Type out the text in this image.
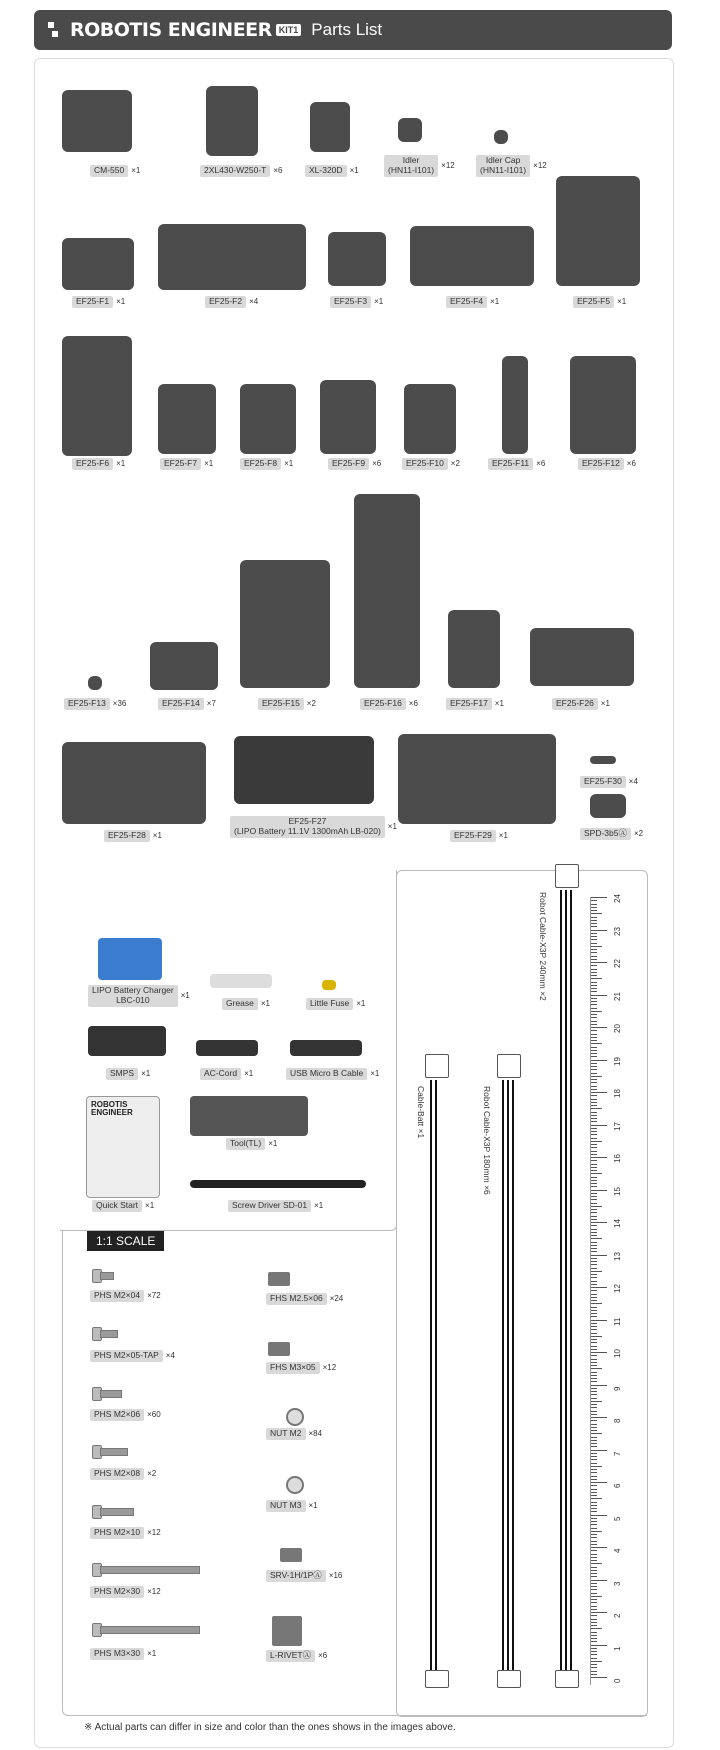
ROBOTIS ENGINEER KIT1 Parts List
1:1 SCALE
0
1
2
3
4
5
6
7
8
9
10
11
12
13
14
15
16
17
18
19
20
21
22
23
24
※ Actual parts can differ in size and color than the ones shows in the images above.
CM-550 ×1	2XL430-W250-T ×6	XL-320D ×1
Idler
(HN11-I101) ×12
Idler Cap
(HN11-I101) ×12
EF25-F1 ×1	EF25-F2 ×4	EF25-F3 ×1	EF25-F4 ×1	EF25-F5 ×1
EF25-F6 ×1	EF25-F7 ×1	EF25-F8 ×1	EF25-F9 ×6	EF25-F10 ×2	EF25-F11 ×6	EF25-F12 ×6
EF25-F13 ×36	EF25-F14 ×7	EF25-F15 ×2	EF25-F16 ×6	EF25-F17 ×1	EF25-F26 ×1
EF25-F28 ×1
EF25-F27
(LIPO Battery 11.1V 1300mAh LB-020) ×1
EF25-F29 ×1
EF25-F30 ×4
SPD-3b5Ⓐ ×2
LIPO Battery Charger
LBC-010	×1
Grease ×1	Little Fuse ×1
SMPS ×1	AC-Cord ×1	USB Micro B Cable ×1
ROBOTIS
ENGINEER
Quick Start ×1
Tool(TL) ×1
Screw Driver SD-01 ×1
PHS M2×04 ×72
PHS M2×05-TAP ×4
PHS M2×06 ×60
PHS M2×08 ×2
PHS M2×10 ×12
PHS M2×30 ×12
PHS M3×30 ×1
FHS M2.5×06 ×24
FHS M3×05 ×12
NUT M2 ×84
NUT M3 ×1
SRV-1H/1PⒶ ×16
L-RIVETⒶ ×6
Cable-Batt ×1	Robot Cable-X3P 180mm ×6
Robot Cable-X3P 240mm ×2
